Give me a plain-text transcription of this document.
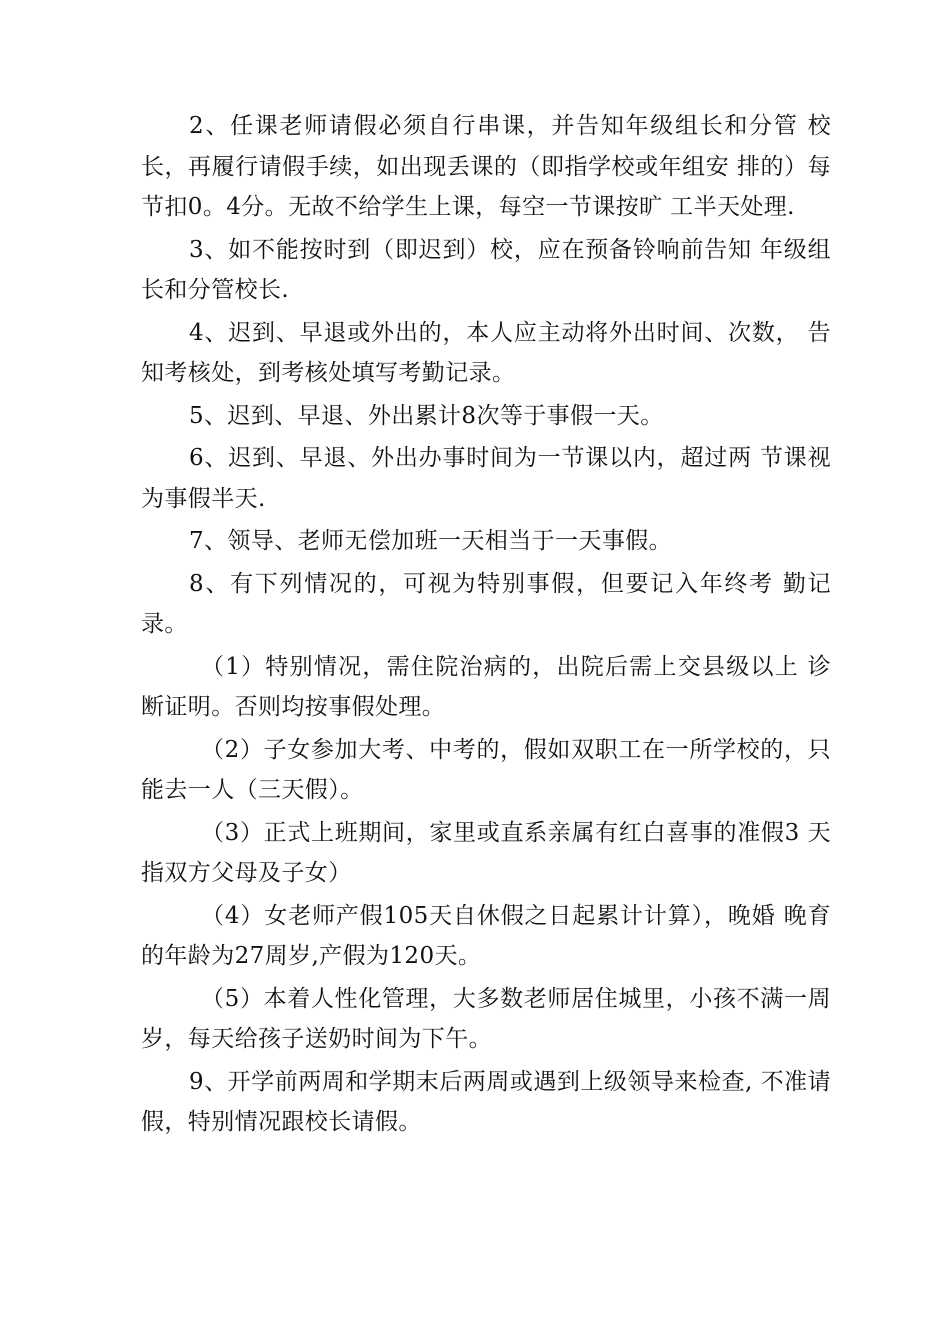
2、任课老师请假必须自行串课，并告知年级组长和分管 校长，再履行请假手续，如出现丢课的（即指学校或年组安 排的）每节扣0。4分。无故不给学生上课，每空一节课按旷 工半天处理.

3、如不能按时到（即迟到）校，应在预备铃响前告知 年级组长和分管校长.

4、迟到、早退或外出的，本人应主动将外出时间、次数， 告知考核处，到考核处填写考勤记录。

5、迟到、早退、外出累计8次等于事假一天。

6、迟到、早退、外出办事时间为一节课以内，超过两 节课视为事假半天.

7、领导、老师无偿加班一天相当于一天事假。

8、有下列情况的，可视为特别事假，但要记入年终考 勤记录。

（1）特别情况，需住院治病的，出院后需上交县级以上 诊断证明。否则均按事假处理。

（2）子女参加大考、中考的，假如双职工在一所学校的，只能去一人（三天假）。

（3）正式上班期间，家里或直系亲属有红白喜事的准假3 天指双方父母及子女）

（4）女老师产假105天自休假之日起累计计算），晚婚 晚育的年龄为27周岁,产假为120天。

（5）本着人性化管理，大多数老师居住城里，小孩不满一周岁，每天给孩子送奶时间为下午。

9、开学前两周和学期末后两周或遇到上级领导来检查, 不准请假，特别情况跟校长请假。
